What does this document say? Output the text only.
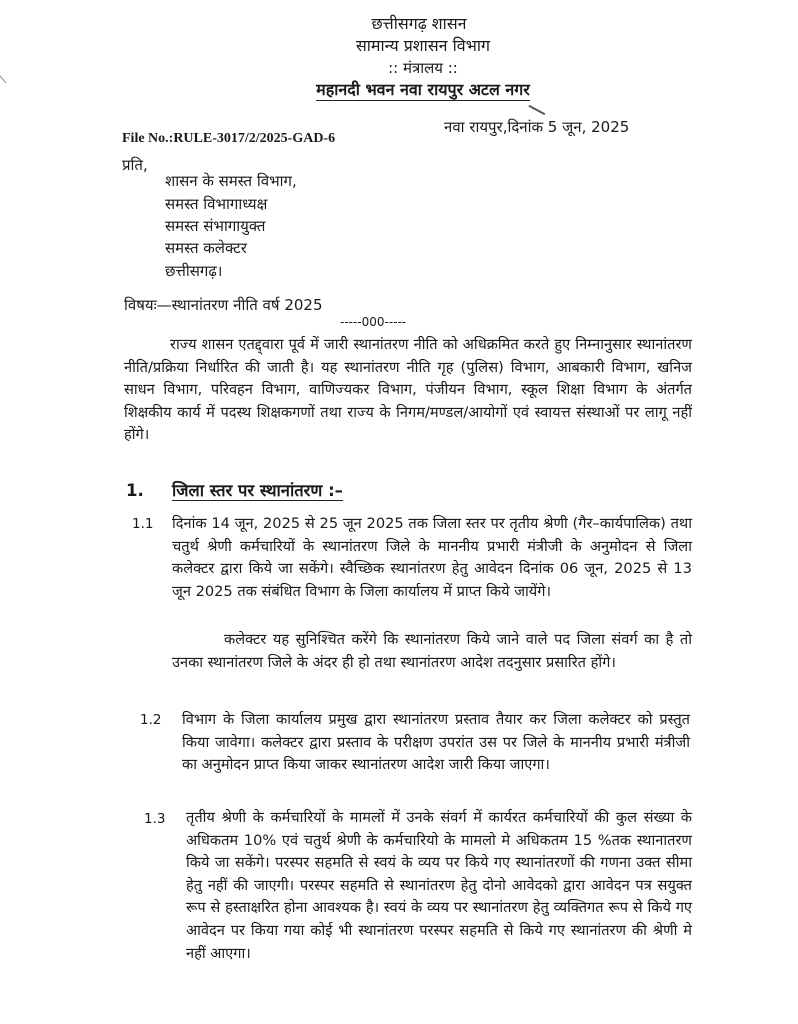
छत्तीसगढ़ शासन
सामान्य प्रशासन विभाग
:: मंत्रालय ::
महानदी भवन नवा रायपुर अटल नगर
नवा रायपुर,दिनांक 5 जून, 2025
File No.:RULE-3017/2/2025-GAD-6
प्रति,
शासन के समस्त विभाग,
समस्त विभागाध्यक्ष
समस्त संभागायुक्त
समस्त कलेक्टर
छत्तीसगढ़।
विषयः—स्थानांतरण नीति वर्ष 2025
-----000-----
राज्य शासन एतद्द्वारा पूर्व में जारी स्थानांतरण नीति को अधिक्रमित करते हुए निम्नानुसार स्थानांतरण नीति/प्रक्रिया निर्धारित की जाती है। यह स्थानांतरण नीति गृह (पुलिस) विभाग, आबकारी विभाग, खनिज साधन विभाग, परिवहन विभाग, वाणिज्यकर विभाग, पंजीयन विभाग, स्कूल शिक्षा विभाग के अंतर्गत शिक्षकीय कार्य में पदस्थ शिक्षकगणों तथा राज्य के निगम/मण्डल/आयोगों एवं स्वायत्त संस्थाओं पर लागू नहीं होंगे।
1. जिला स्तर पर स्थानांतरण :–
1.1 दिनांक 14 जून, 2025 से 25 जून 2025 तक जिला स्तर पर तृतीय श्रेणी (गैर–कार्यपालिक) तथा चतुर्थ श्रेणी कर्मचारियों के स्थानांतरण जिले के माननीय प्रभारी मंत्रीजी के अनुमोदन से जिला कलेक्टर द्वारा किये जा सकेंगे। स्वैच्छिक स्थानांतरण हेतु आवेदन दिनांक 06 जून, 2025 से 13 जून 2025 तक संबंधित विभाग के जिला कार्यालय में प्राप्त किये जायेंगे।
कलेक्टर यह सुनिश्चित करेंगे कि स्थानांतरण किये जाने वाले पद जिला संवर्ग का है तो उनका स्थानांतरण जिले के अंदर ही हो तथा स्थानांतरण आदेश तदनुसार प्रसारित होंगे।
1.2 विभाग के जिला कार्यालय प्रमुख द्वारा स्थानांतरण प्रस्ताव तैयार कर जिला कलेक्टर को प्रस्तुत किया जावेगा। कलेक्टर द्वारा प्रस्ताव के परीक्षण उपरांत उस पर जिले के माननीय प्रभारी मंत्रीजी का अनुमोदन प्राप्त किया जाकर स्थानांतरण आदेश जारी किया जाएगा।
1.3 तृतीय श्रेणी के कर्मचारियों के मामलों में उनके संवर्ग में कार्यरत कर्मचारियों की कुल संख्या के अधिकतम 10% एवं चतुर्थ श्रेणी के कर्मचारियो के मामलो मे अधिकतम 15 %तक स्थानातरण किये जा सकेंगे। परस्पर सहमति से स्वयं के व्यय पर किये गए स्थानांतरणों की गणना उक्त सीमा हेतु नहीं की जाएगी। परस्पर सहमति से स्थानांतरण हेतु दोनो आवेदको द्वारा आवेदन पत्र सयुक्त रूप से हस्ताक्षरित होना आवश्यक है। स्वयं के व्यय पर स्थानांतरण हेतु व्यक्तिगत रूप से किये गए आवेदन पर किया गया कोई भी स्थानांतरण परस्पर सहमति से किये गए स्थानांतरण की श्रेणी मे नहीं आएगा।
